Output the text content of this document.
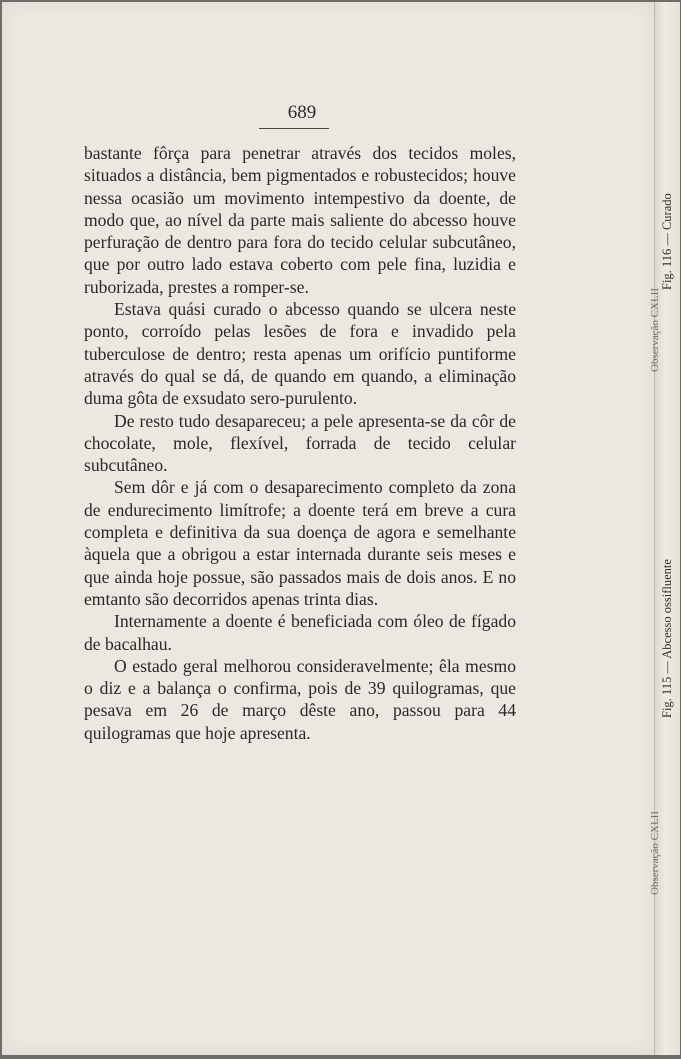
689

bastante fôrça para penetrar através dos tecidos moles, situados a distância, bem pigmentados e robustecidos; houve nessa ocasião um movimento intempestivo da doente, de modo que, ao nível da parte mais saliente do abcesso houve perfuração de dentro para fora do tecido celular subcutâneo, que por outro lado estava coberto com pele fina, luzidia e ruborizada, prestes a romper-se.

Estava quási curado o abcesso quando se ulcera neste ponto, corroído pelas lesões de fora e invadido pela tuberculose de dentro; resta apenas um orifício puntiforme através do qual se dá, de quando em quando, a eliminação duma gôta de exsudato sero-purulento.

De resto tudo desapareceu; a pele apresenta-se da côr de chocolate, mole, flexível, forrada de tecido celular subcutâneo.

Sem dôr e já com o desaparecimento completo da zona de endurecimento limítrofe; a doente terá em breve a cura completa e definitiva da sua doença de agora e semelhante àquela que a obrigou a estar internada durante seis meses e que ainda hoje possue, são passados mais de dois anos. E no emtanto são decorridos apenas trinta dias.

Internamente a doente é beneficiada com óleo de fígado de bacalhau.

O estado geral melhorou consideravelmente; êla mesmo o diz e a balança o confirma, pois de 39 quilogramas, que pesava em 26 de março dêste ano, passou para 44 quilogramas que hoje apresenta.

Observação CXLII
Observação CXLII
Fig. 116 — Curado
Fig. 115 — Abcesso ossifluente
